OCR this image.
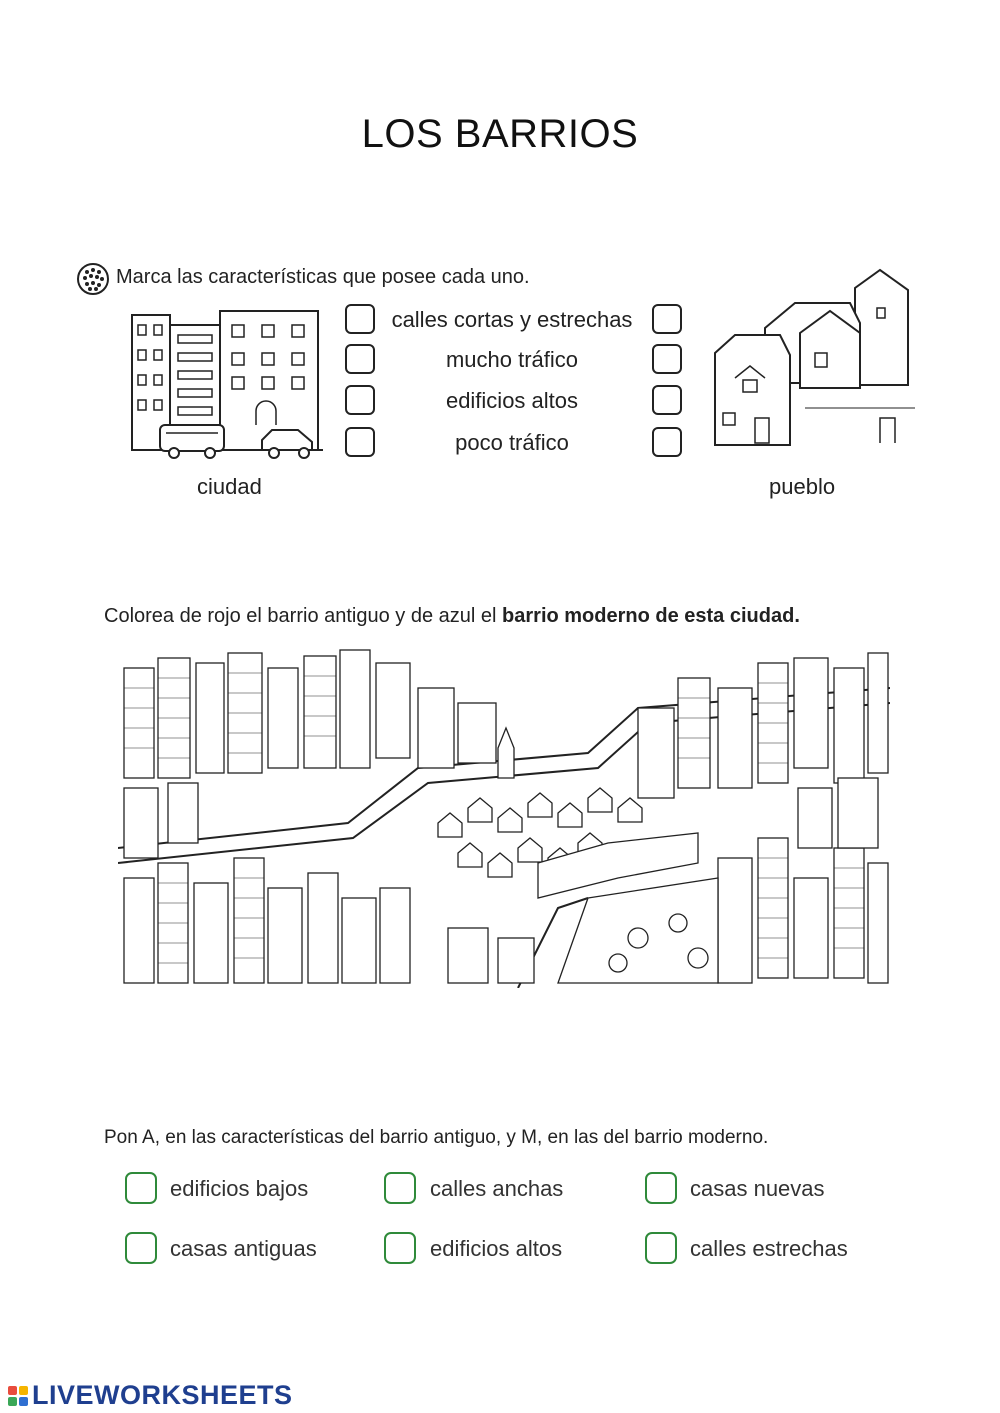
LOS BARRIOS
Marca las características que posee cada uno.
calles cortas y estrechas
mucho tráfico
edificios altos
poco tráfico
ciudad	pueblo
Colorea de rojo el barrio antiguo y de azul el barrio moderno de esta ciudad.
Pon A, en las características del barrio antiguo, y M, en las del barrio moderno.
edificios bajos	calles anchas	casas nuevas
casas antiguas	edificios altos	calles estrechas
LIVEWORKSHEETS
